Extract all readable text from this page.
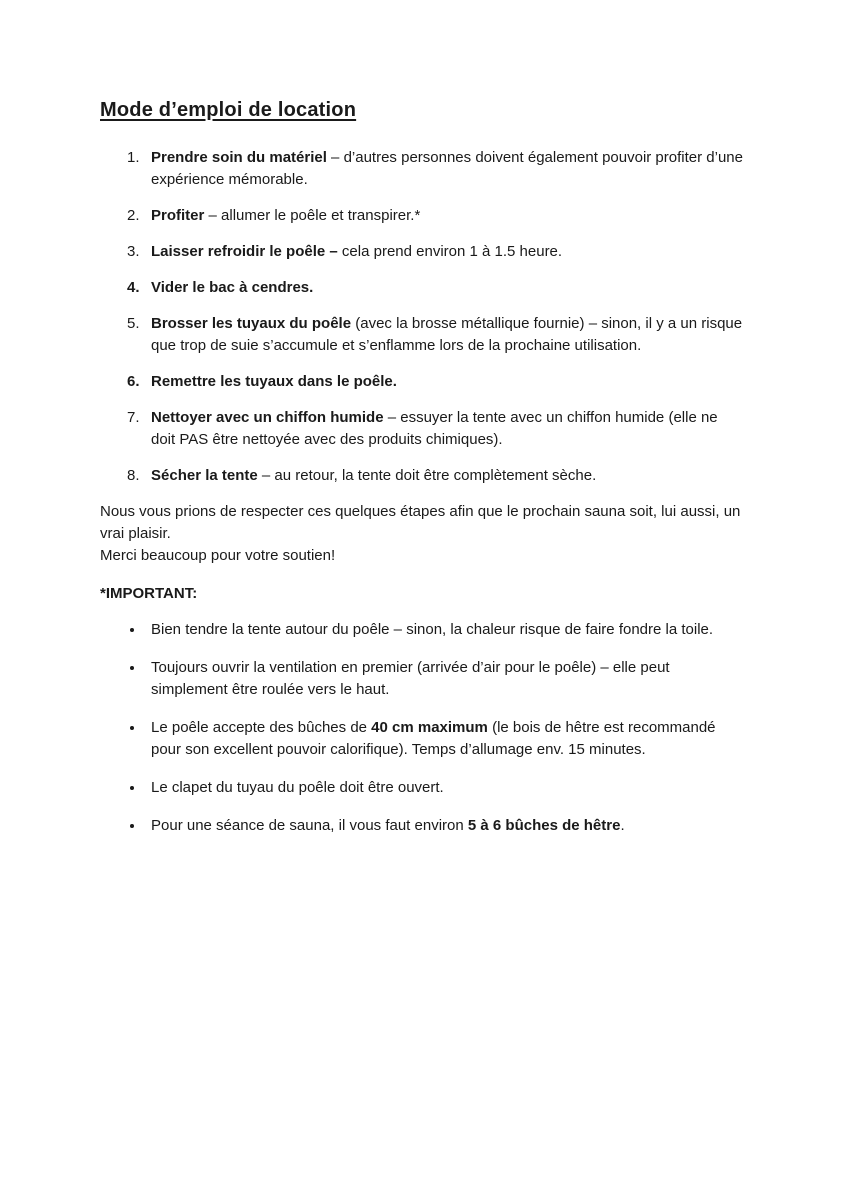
Mode d’emploi de location
1. Prendre soin du matériel – d’autres personnes doivent également pouvoir profiter d’une expérience mémorable.
2. Profiter – allumer le poêle et transpirer.*
3. Laisser refroidir le poêle – cela prend environ 1 à 1.5 heure.
4. Vider le bac à cendres.
5. Brosser les tuyaux du poêle (avec la brosse métallique fournie) – sinon, il y a un risque que trop de suie s’accumule et s’enflamme lors de la prochaine utilisation.
6. Remettre les tuyaux dans le poêle.
7. Nettoyer avec un chiffon humide – essuyer la tente avec un chiffon humide (elle ne doit PAS être nettoyée avec des produits chimiques).
8. Sécher la tente – au retour, la tente doit être complètement sèche.

Nous vous prions de respecter ces quelques étapes afin que le prochain sauna soit, lui aussi, un vrai plaisir.
Merci beaucoup pour votre soutien!

*IMPORTANT:

Bien tendre la tente autour du poêle – sinon, la chaleur risque de faire fondre la toile.
Toujours ouvrir la ventilation en premier (arrivée d’air pour le poêle) – elle peut simplement être roulée vers le haut.
Le poêle accepte des bûches de 40 cm maximum (le bois de hêtre est recommandé pour son excellent pouvoir calorifique). Temps d’allumage env. 15 minutes.
Le clapet du tuyau du poêle doit être ouvert.
Pour une séance de sauna, il vous faut environ 5 à 6 bûches de hêtre.
